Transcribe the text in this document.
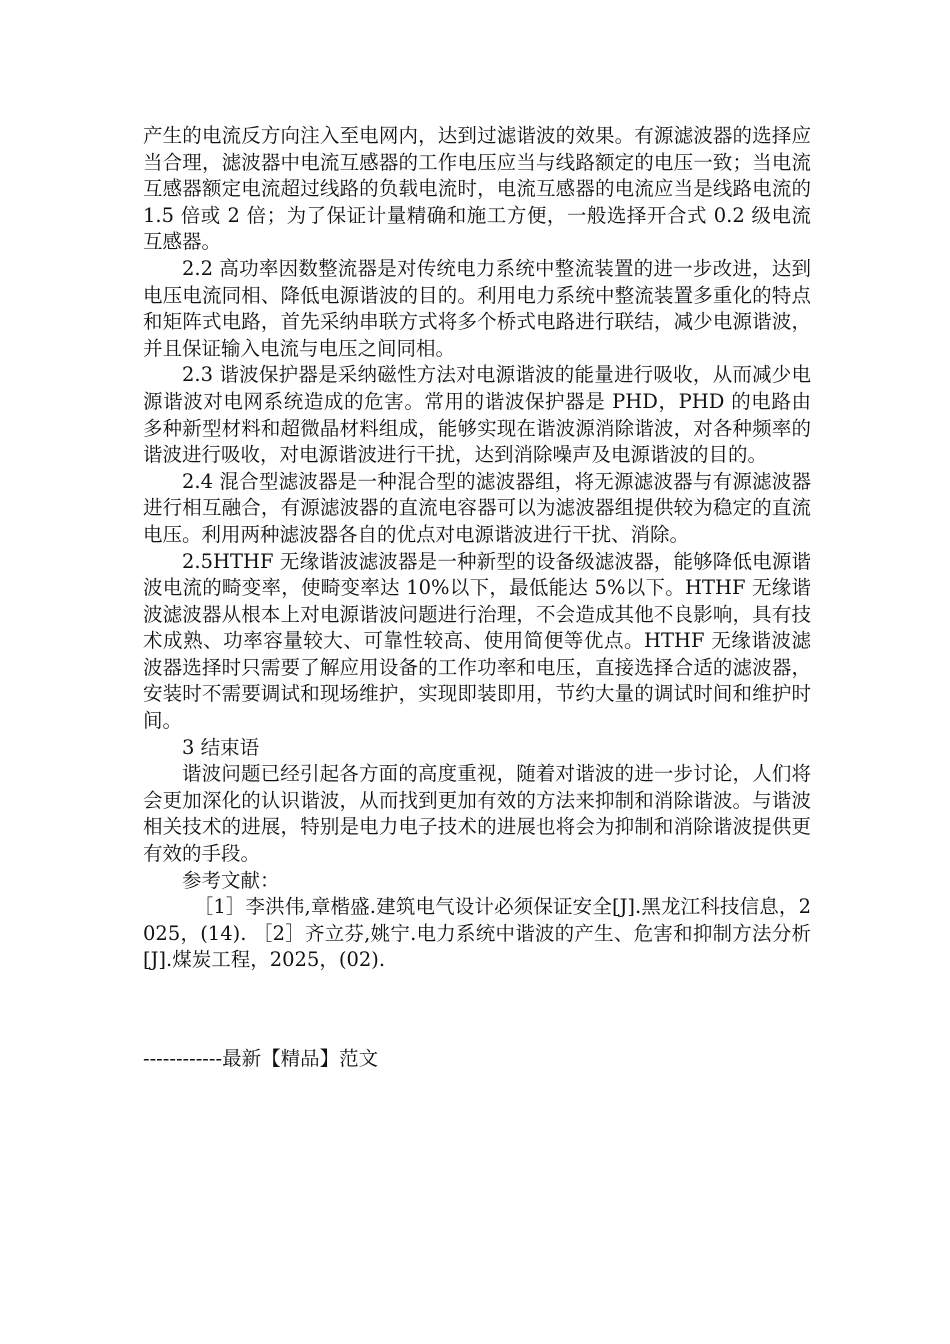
产生的电流反方向注入至电网内，达到过滤谐波的效果。有源滤波器的选择应当合理，滤波器中电流互感器的工作电压应当与线路额定的电压一致；当电流互感器额定电流超过线路的负载电流时，电流互感器的电流应当是线路电流的 1.5 倍或 2 倍；为了保证计量精确和施工方便，一般选择开合式 0.2 级电流互感器。

2.2 高功率因数整流器是对传统电力系统中整流装置的进一步改进，达到电压电流同相、降低电源谐波的目的。利用电力系统中整流装置多重化的特点和矩阵式电路，首先采纳串联方式将多个桥式电路进行联结，减少电源谐波，并且保证输入电流与电压之间同相。

2.3 谐波保护器是采纳磁性方法对电源谐波的能量进行吸收，从而减少电源谐波对电网系统造成的危害。常用的谐波保护器是 PHD，PHD 的电路由多种新型材料和超微晶材料组成，能够实现在谐波源消除谐波，对各种频率的谐波进行吸收，对电源谐波进行干扰，达到消除噪声及电源谐波的目的。

2.4 混合型滤波器是一种混合型的滤波器组，将无源滤波器与有源滤波器进行相互融合，有源滤波器的直流电容器可以为滤波器组提供较为稳定的直流电压。利用两种滤波器各自的优点对电源谐波进行干扰、消除。

2.5HTHF 无缘谐波滤波器是一种新型的设备级滤波器，能够降低电源谐波电流的畸变率，使畸变率达 10%以下，最低能达 5%以下。HTHF 无缘谐波滤波器从根本上对电源谐波问题进行治理，不会造成其他不良影响，具有技术成熟、功率容量较大、可靠性较高、使用简便等优点。HTHF 无缘谐波滤波器选择时只需要了解应用设备的工作功率和电压，直接选择合适的滤波器，安装时不需要调试和现场维护，实现即装即用，节约大量的调试时间和维护时间。

3 结束语

谐波问题已经引起各方面的高度重视，随着对谐波的进一步讨论，人们将会更加深化的认识谐波，从而找到更加有效的方法来抑制和消除谐波。与谐波相关技术的进展，特别是电力电子技术的进展也将会为抑制和消除谐波提供更有效的手段。

参考文献：

［1］李洪伟,章楷盛.建筑电气设计必须保证安全[J].黑龙江科技信息，2025，(14). ［2］齐立芬,姚宁.电力系统中谐波的产生、危害和抑制方法分析[J].煤炭工程，2025，(02).

------------最新【精品】范文
